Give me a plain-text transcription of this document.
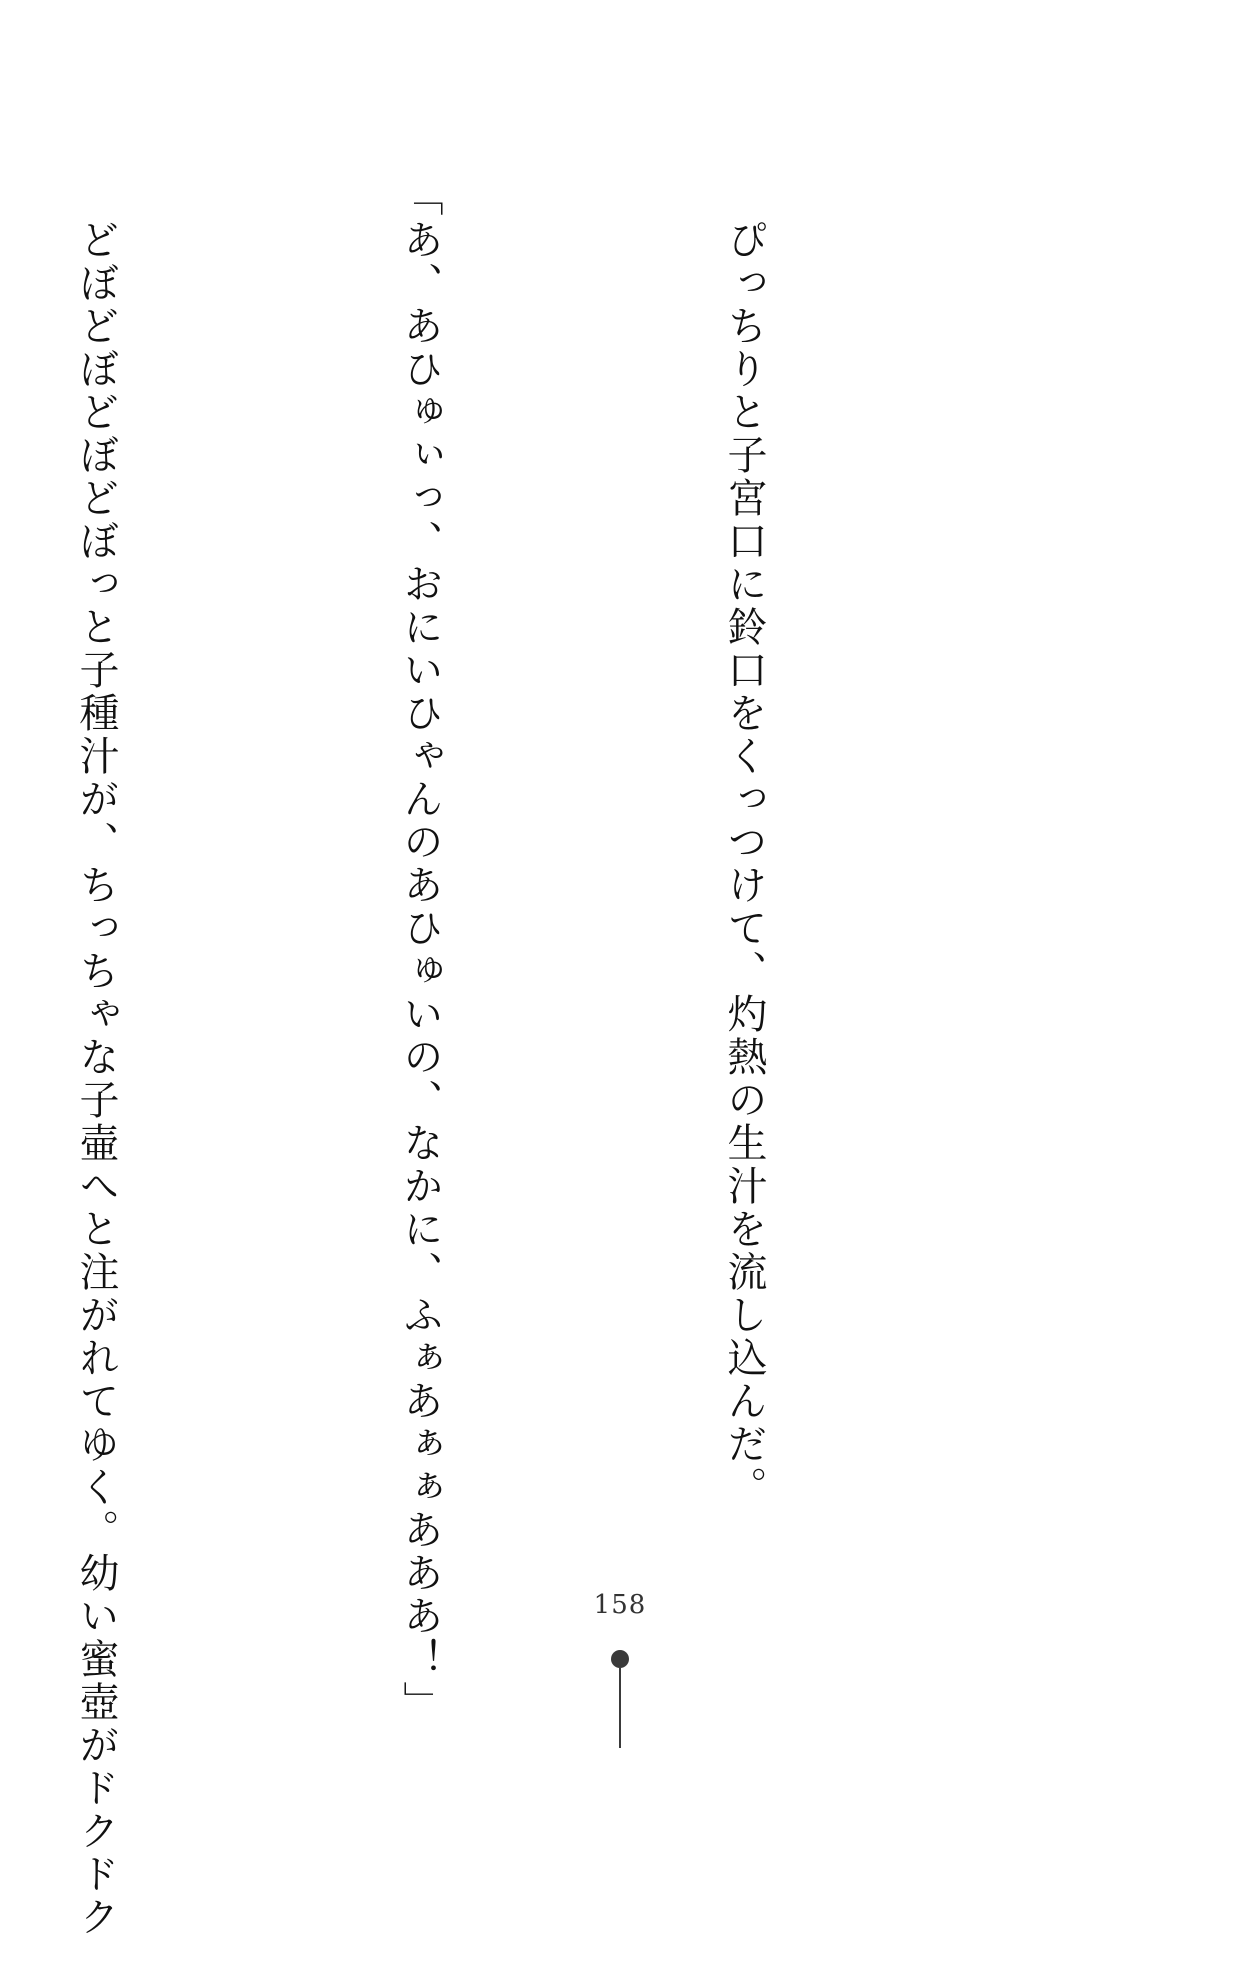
　ぴっちりと子宮口に鈴口をくっつけて、灼熱の生汁を流し込んだ。

「あ、あひゅぃっ、おにいひゃんのあひゅいの、なかに、ふぁあぁぁあああ！」

　どぼどぼどぼどぼっと子種汁が、ちっちゃな子壷へと注がれてゆく。幼い蜜壺がドクドク

	158
